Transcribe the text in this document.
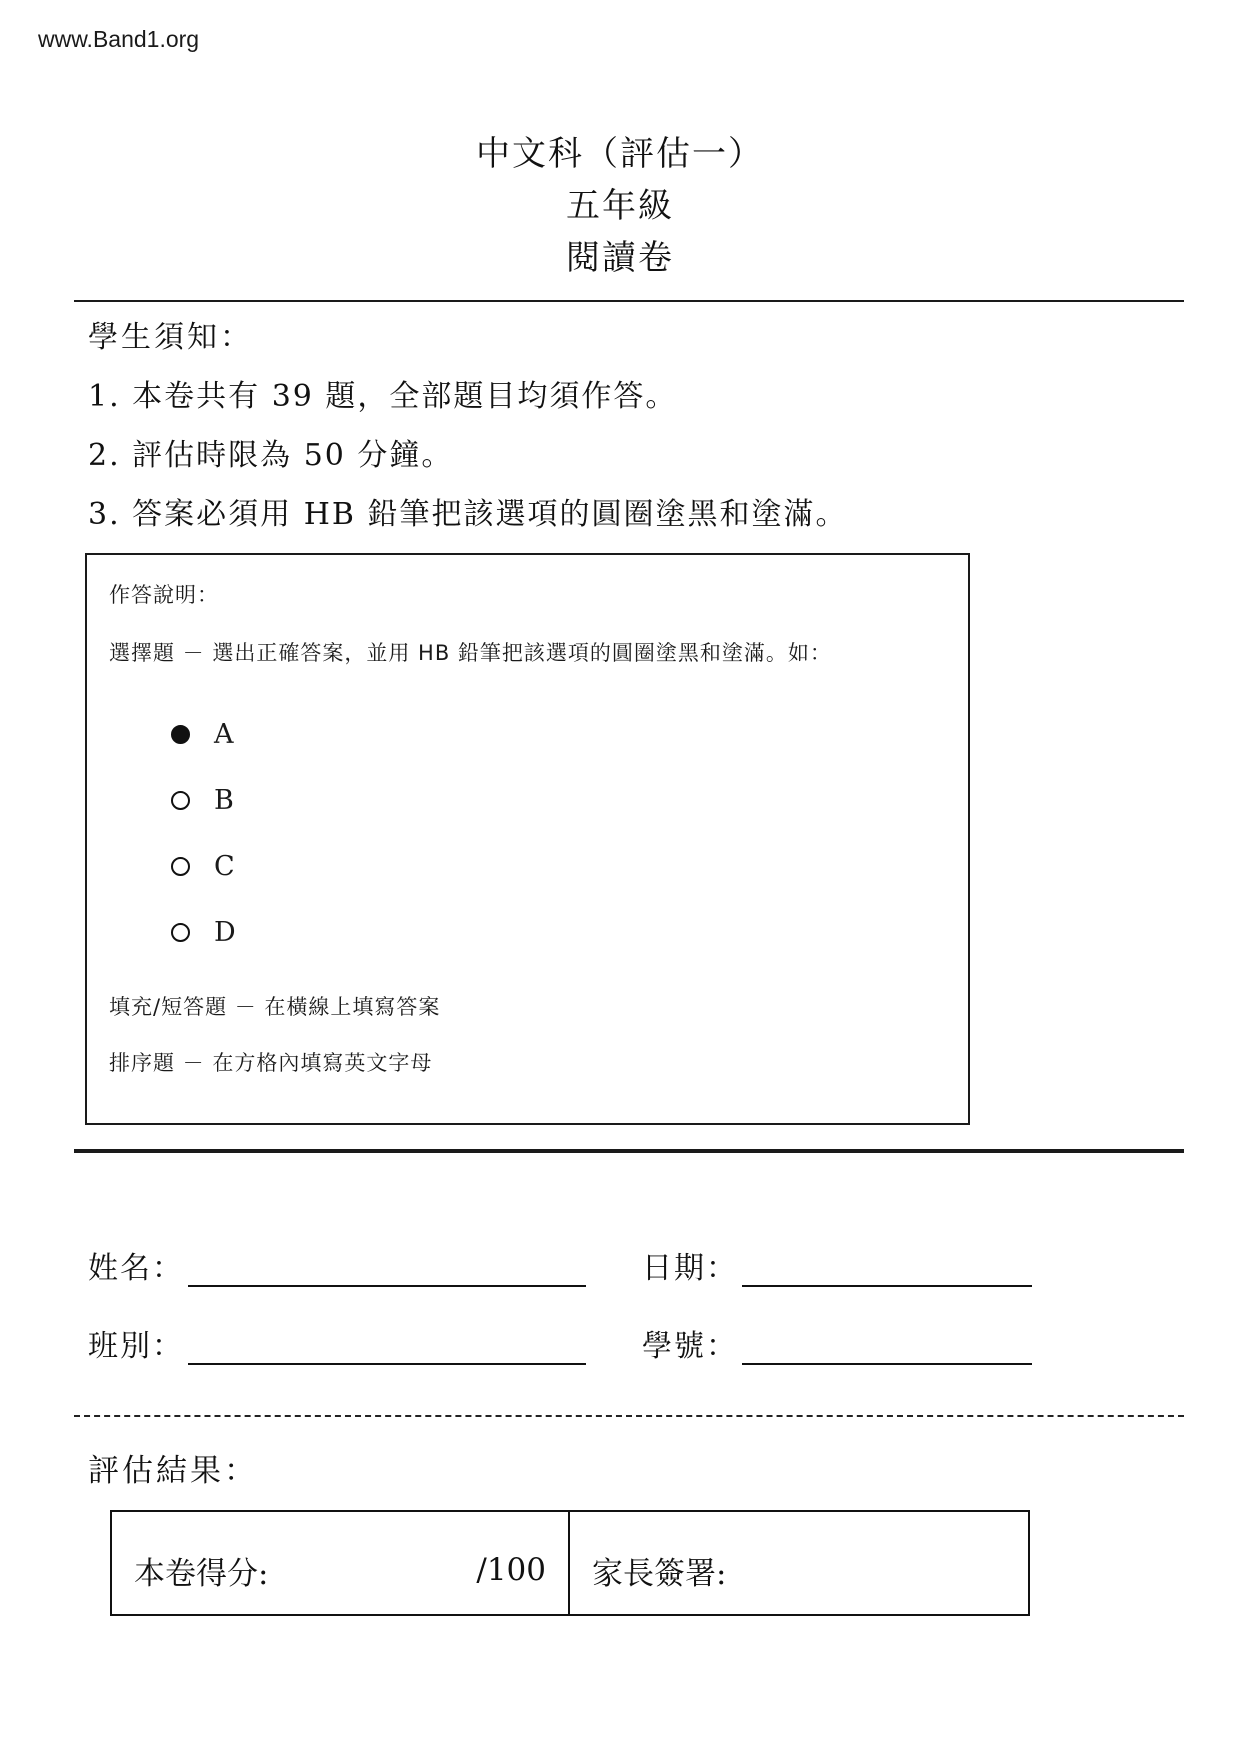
www.Band1.org
中文科（評估一）
五年級
閱讀卷
學生須知：
1. 本卷共有 39 題，全部題目均須作答。
2. 評估時限為 50 分鐘。
3. 答案必須用 HB 鉛筆把該選項的圓圈塗黑和塗滿。
作答說明：
選擇題 － 選出正確答案，並用 HB 鉛筆把該選項的圓圈塗黑和塗滿。如：
A
B
C
D
填充/短答題 － 在橫線上填寫答案
排序題 － 在方格內填寫英文字母
姓名：	日期：
班別：	學號：
評估結果：
本卷得分:	/100 家長簽署:
